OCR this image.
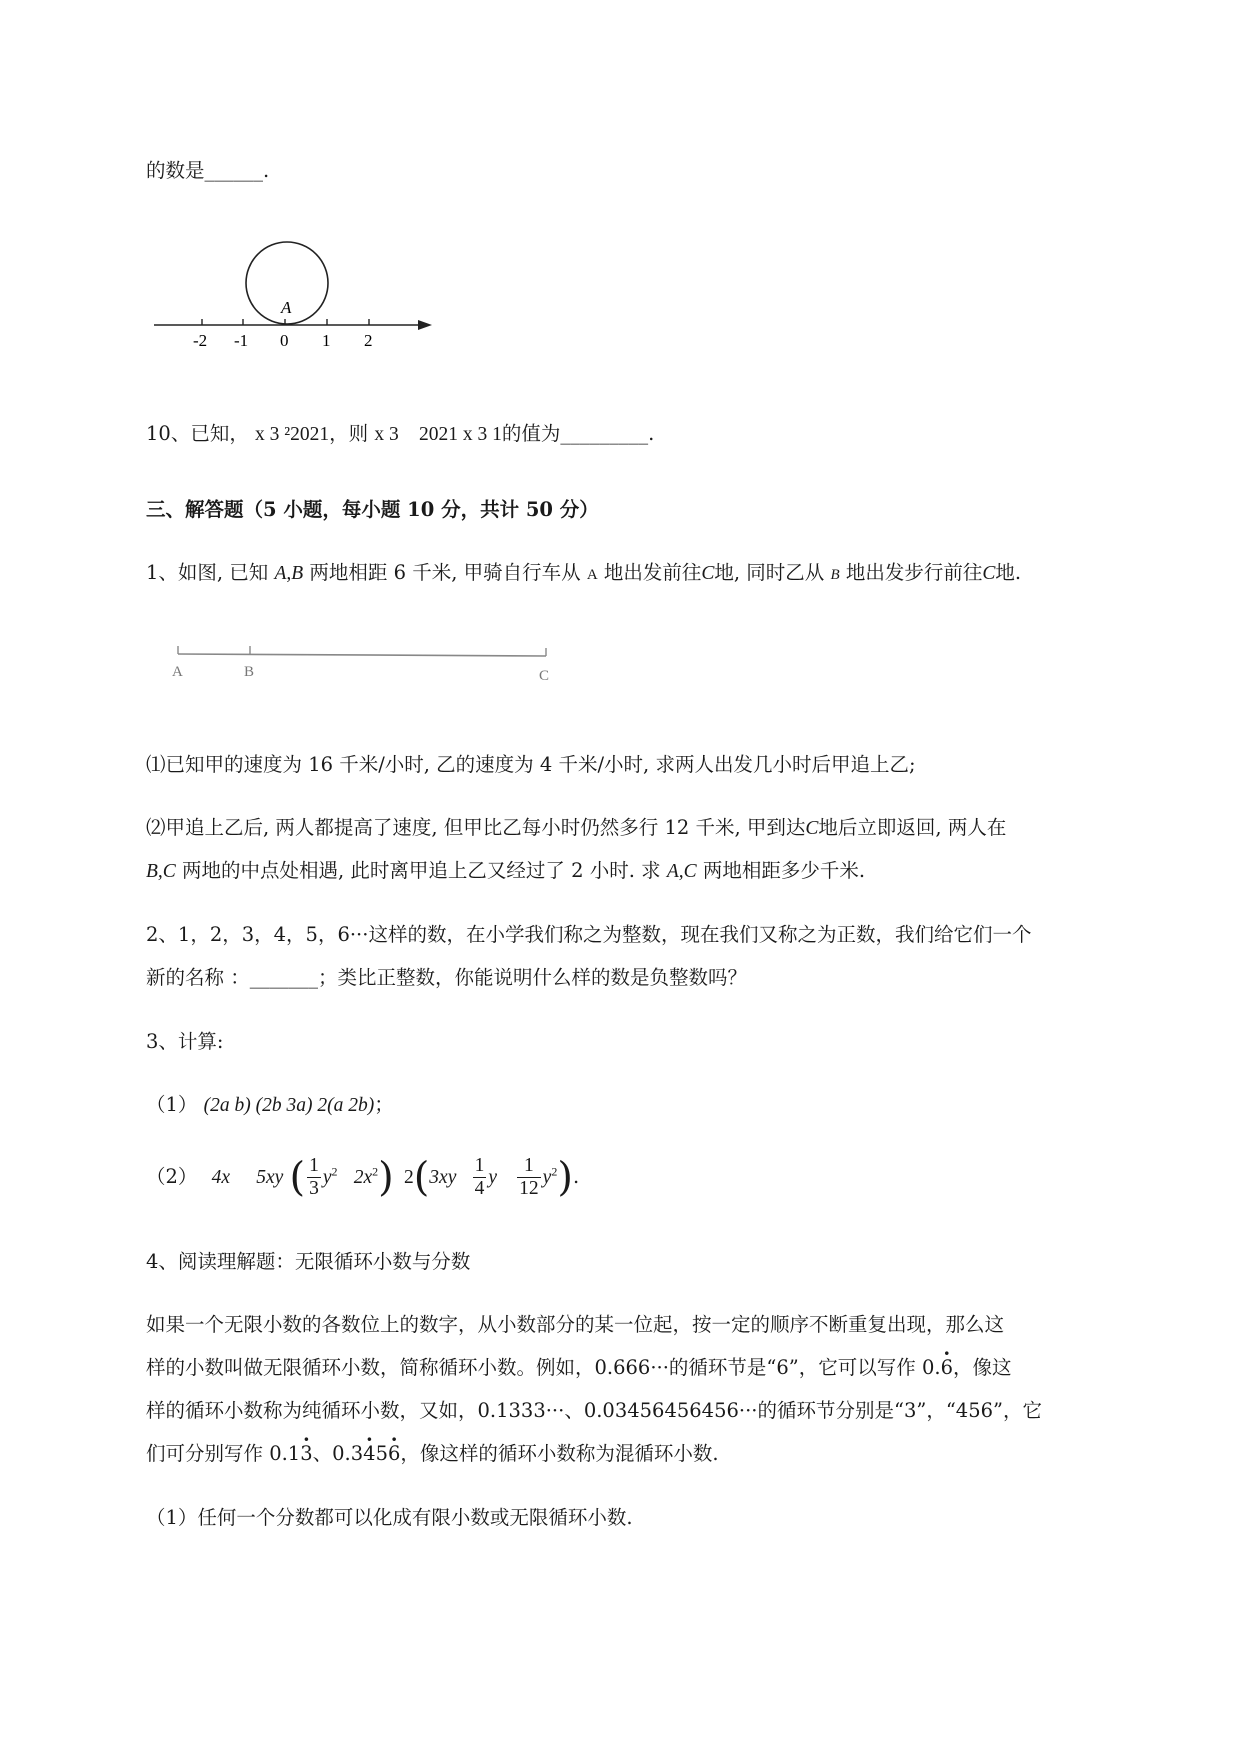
的数是______.
A
-2 -1 0 1 2
10、已知， x 3 ²2021，则 x 3 2021 x 3 1的值为_________.
三、解答题（5 小题，每小题 10 分，共计 50 分）
1、如图, 已知 A,B 两地相距 6 千米, 甲骑自行车从 A 地出发前往C地, 同时乙从 B 地出发步行前往C地.
A	B	C
⑴已知甲的速度为 16 千米/小时, 乙的速度为 4 千米/小时, 求两人出发几小时后甲追上乙;
⑵甲追上乙后, 两人都提高了速度, 但甲比乙每小时仍然多行 12 千米, 甲到达C地后立即返回, 两人在
B,C 两地的中点处相遇, 此时离甲追上乙又经过了 2 小时. 求 A,C 两地相距多少千米.
2、1，2，3，4，5，6···这样的数，在小学我们称之为整数，现在我们又称之为正数，我们给它们一个
新的名称 ：_______；类比正整数，你能说明什么样的数是负整数吗？
3、计算:
（1） (2a b) (2b 3a) 2(a 2b)；
（2） 4x 5xy ( $\frac{1}{3} y^2$ $2x^2$) $2(3xy \frac{1}{4}$ y $\frac{1}{12} y^2$).
4、阅读理解题：无限循环小数与分数
如果一个无限小数的各数位上的数字，从小数部分的某一位起，按一定的顺序不断重复出现，那么这
样的小数叫做无限循环小数，简称循环小数。例如，0.666···的循环节是“6”，它可以写作 0.· 6，像这
样的循环小数称为纯循环小数，又如，0.1333···、0.03456456456···的循环节分别是“3”，“456”，它
们可分别写作 0.1· 3、0.3· 45· 6，像这样的循环小数称为混循环小数.
（1）任何一个分数都可以化成有限小数或无限循环小数.
